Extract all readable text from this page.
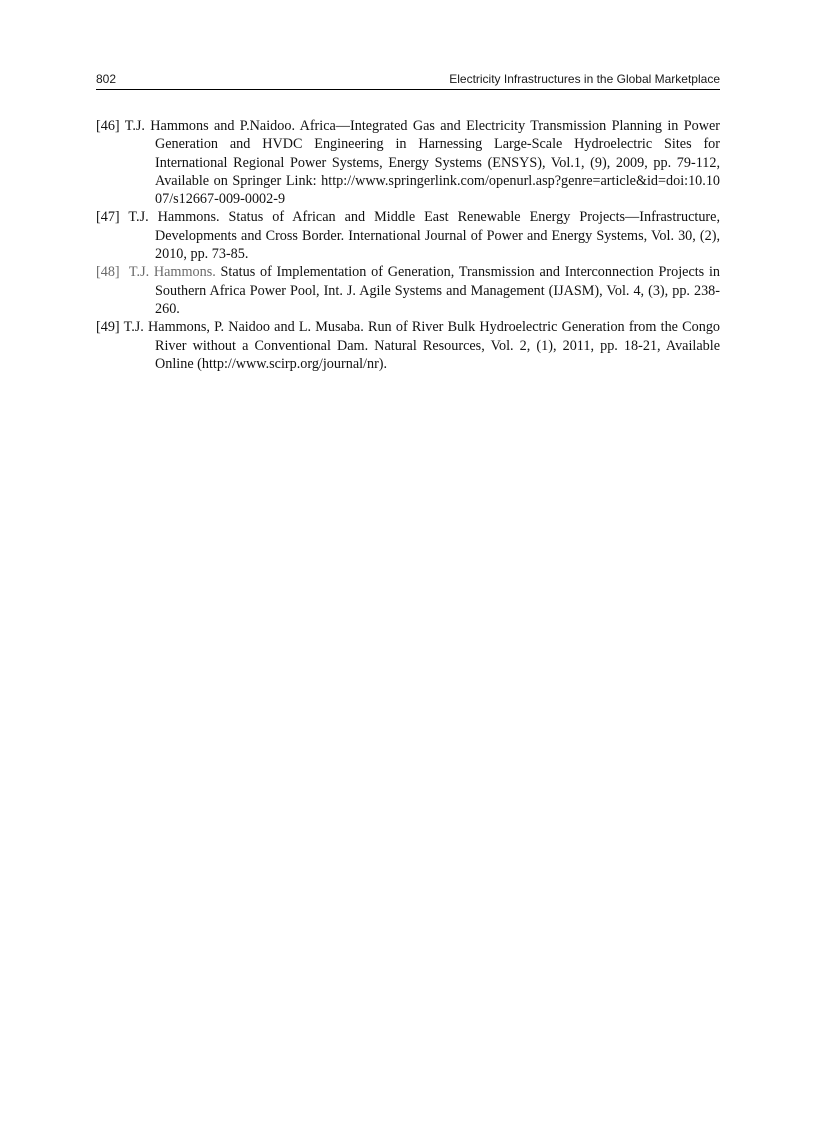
802	Electricity Infrastructures in the Global Marketplace

[46] T.J. Hammons and P.Naidoo. Africa—Integrated Gas and Electricity Transmission Planning in Power Generation and HVDC Engineering in Harnessing Large-Scale Hydroelectric Sites for International Regional Power Systems, Energy Systems (ENSYS), Vol.1, (9), 2009, pp. 79-112, Available on Springer Link: http://www.springerlink.com/openurl.asp?genre=article&id=doi:10.1007/s12667-009-0002-9

[47] T.J. Hammons. Status of African and Middle East Renewable Energy Projects—Infrastructure, Developments and Cross Border. International Journal of Power and Energy Systems, Vol. 30, (2), 2010, pp. 73-85.

[48] T.J. Hammons. Status of Implementation of Generation, Transmission and Interconnection Projects in Southern Africa Power Pool, Int. J. Agile Systems and Management (IJASM), Vol. 4, (3), pp. 238-260.

[49] T.J. Hammons, P. Naidoo and L. Musaba. Run of River Bulk Hydroelectric Generation from the Congo River without a Conventional Dam. Natural Resources, Vol. 2, (1), 2011, pp. 18-21, Available Online (http://www.scirp.org/journal/nr).
